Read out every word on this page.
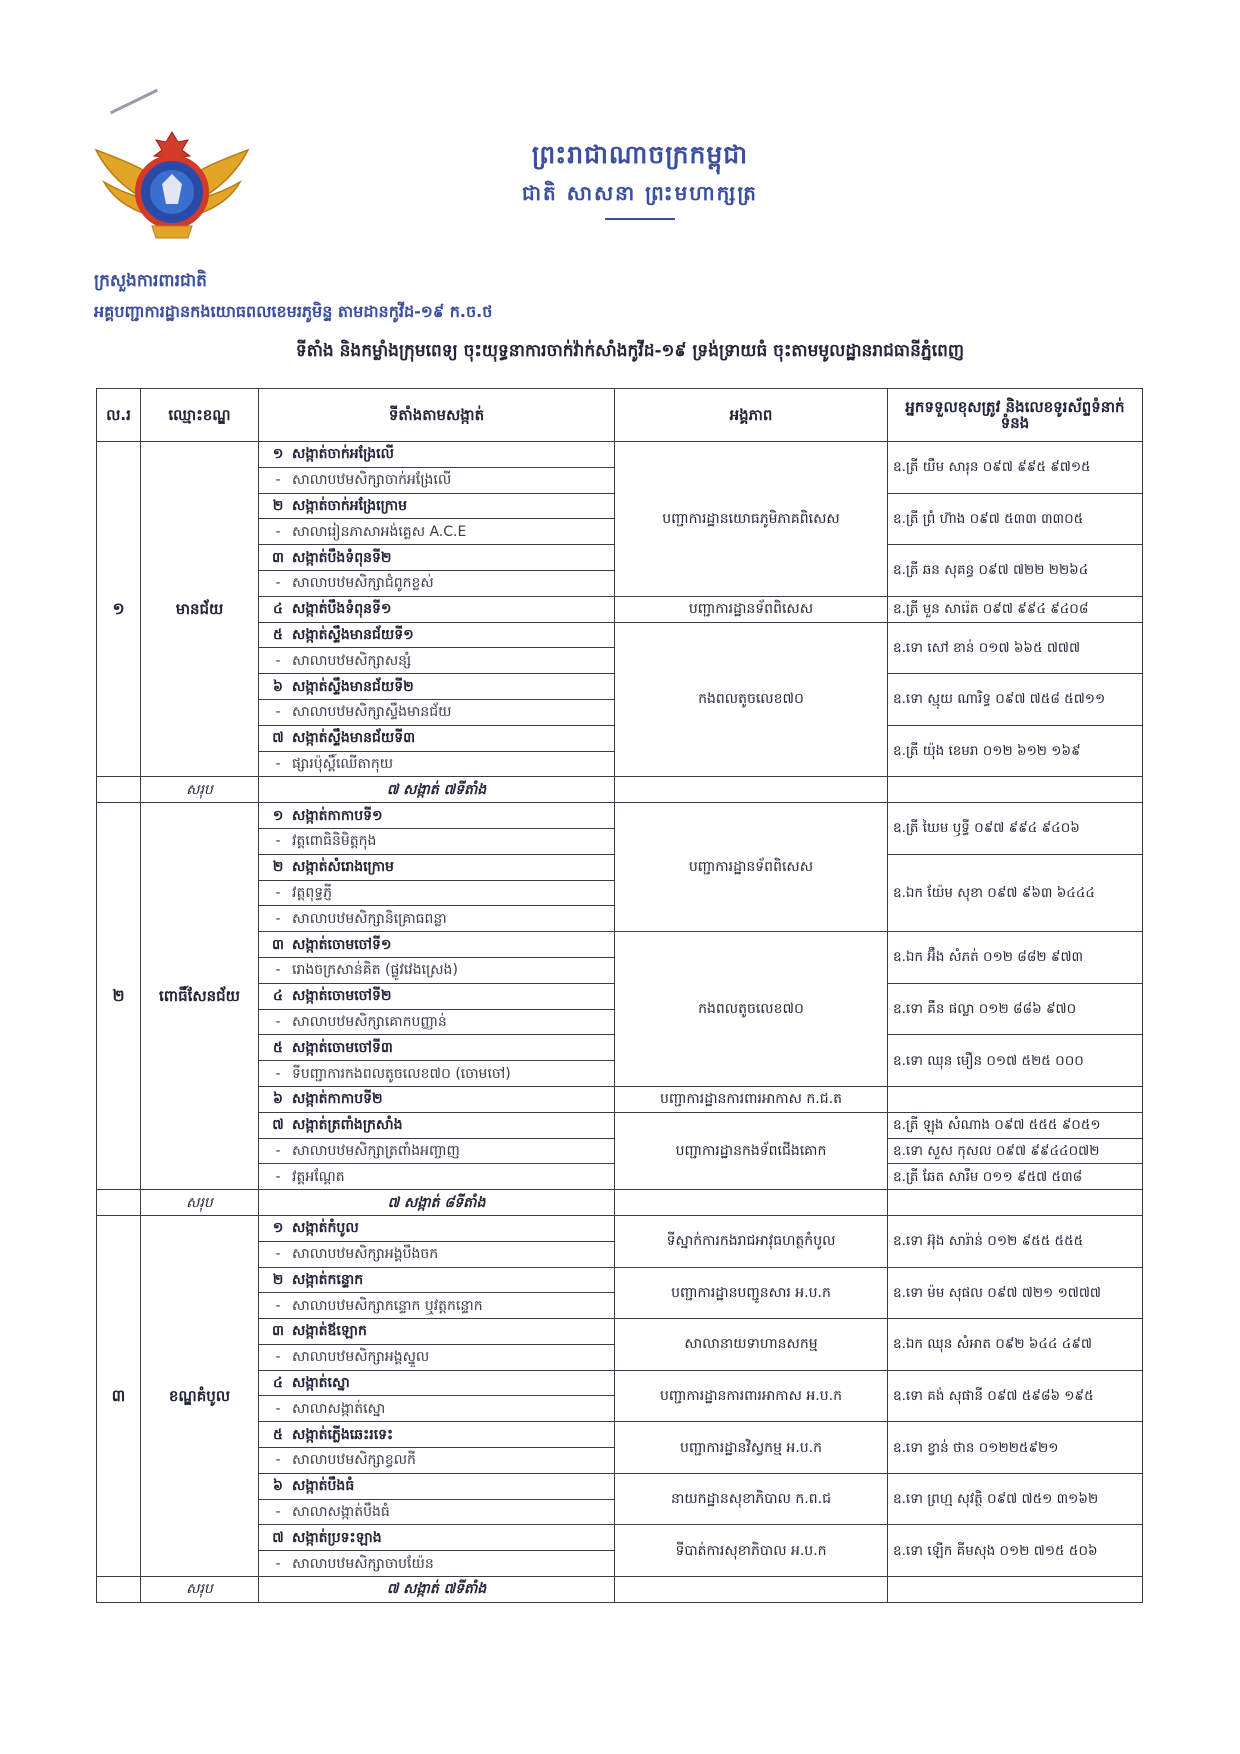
ព្រះរាជាណាចក្រកម្ពុជា
ជាតិ សាសនា ព្រះមហាក្សត្រ
ក្រសួងការពារជាតិ
អគ្គបញ្ជាការដ្ឋានកងយោធពលខេមរភូមិន្ទ តាមដានកូវីដ-១៩ ក.ច.ថ
ទីតាំង និងកម្លាំងក្រុមពេទ្យ ចុះយុទ្ធនាការចាក់វ៉ាក់សាំងកូវីដ-១៩ ទ្រង់ទ្រាយធំ ចុះតាមមូលដ្ឋានរាជធានីភ្នំពេញ
ល.រ	ឈ្មោះខណ្ឌ	ទីតាំងតាមសង្កាត់	អង្គភាព	អ្នកទទួលខុសត្រូវ និងលេខទូរស័ព្ទទំនាក់ទំនង
១	មានជ័យ	១ សង្កាត់ចាក់អង្រែលើ	បញ្ជាការដ្ឋានយោធភូមិភាគពិសេស	ឧ.ត្រី យឹម សារុន ០៩៧ ៩៩៥ ៩៧១៥
		- សាលាបឋមសិក្សាចាក់អង្រែលើ		
		២ សង្កាត់ចាក់អង្រែក្រោម		ឧ.ត្រី ព្រំ ហ៊ាង ០៩៧ ៥៣៣ ៣៣០៥
		- សាលារៀនភាសាអង់គ្លេស A.C.E		
		៣ សង្កាត់បឹងទំពុនទី២		ឧ.ត្រី ឆន សុគន្ធ ០៩៧ ៧២២ ២២៦៤
		- សាលាបឋមសិក្សាជំពូកខ្លស់		
		៤ សង្កាត់បឹងទំពុនទី១	បញ្ជាការដ្ឋានទ័ពពិសេស	ឧ.ត្រី មួន សារ៉េត ០៩៧ ៩៩៤ ៩៤០៨
		៥ សង្កាត់ស្ទឹងមានជ័យទី១	កងពលតូចលេខ៧០	ឧ.ទោ សៅ ខាន់ ០១៧ ៦៦៥ ៧៧៧
		- សាលាបឋមសិក្សាសន្សំ		
		៦ សង្កាត់ស្ទឹងមានជ័យទី២		ឧ.ទោ ស្មុយ ណារិទ្ធ ០៩៧ ៧៥៨ ៥៧១១
		- សាលាបឋមសិក្សាស្ទឹងមានជ័យ		
		៧ សង្កាត់ស្ទឹងមានជ័យទី៣		ឧ.ត្រី យ៉ុង ខេមរា ០១២ ៦១២ ១៦៩
		- ផ្សារប៉ុស្តិ៍ឈើតាកុយ		
	សរុប	៧ សង្កាត់ ៧ទីតាំង		
២	ពោធិ៍សែនជ័យ	១ សង្កាត់កាកាបទី១	បញ្ជាការដ្ឋានទ័ពពិសេស	ឧ.ត្រី ឃៃម ឫទ្ធី ០៩៧ ៩៩៤ ៩៤០៦
		- វត្តពោធិនិមិត្តកុង		
		២ សង្កាត់សំរោងក្រោម		ឧ.ឯក យ៉ែម សុខា ០៩៧ ៩៦៣ ៦៤៤៤
		- វត្តពុទ្ធភ្ញី		
		- សាលាបឋមសិក្សានិគ្រោធពន្លា		
		៣ សង្កាត់ចោមចៅទី១	កងពលតូចលេខ៧០	ឧ.ឯក អ៊ឹង សំភត់ ០១២ ៨៨២ ៩៧៣
		- រោងចក្រសាន់គិត (ផ្លូវវេងស្រេង)		
		៤ សង្កាត់ចោមចៅទី២		ឧ.ទោ គឹន ផល្លា ០១២ ៨៨៦ ៩៧០
		- សាលាបឋមសិក្សាគោកបញ្ញាន់		
		៥ សង្កាត់ចោមចៅទី៣		ឧ.ទោ ឈុន មឿន ០១៧ ៥២៥ ០០០
		- ទីបញ្ជាការកងពលតូចលេខ៧០ (ចោមចៅ)		
		៦ សង្កាត់កាកាបទី២	បញ្ជាការដ្ឋានការពារអាកាស ក.ជ.ត	
		៧ សង្កាត់ត្រពាំងក្រសាំង	បញ្ជាការដ្ឋានកងទ័ពជើងគោក	ឧ.ត្រី ឡុង សំណាង ០៩៧ ៥៥៥ ៩០៥១
		- សាលាបឋមសិក្សាត្រពាំងអញ្ចាញ		ឧ.ទោ សួស កុសល ០៩៧ ៩៩៤៤០៧២
		- វត្តអណ្តែត		ឧ.ត្រី ឆែត សារឹម ០១១ ៩៥៧ ៥៣៨
	សរុប	៧ សង្កាត់ ៨ទីតាំង		
៣	ខណ្ឌគំបូល	១ សង្កាត់កំបូល	ទីស្នាក់ការកងរាជអាវុធហត្ថកំបូល	ឧ.ទោ អ៊ុង សារ៉ាន់ ០១២ ៩៥៥ ៥៥៥
		- សាលាបឋមសិក្សាអង្គបឹងចក		
		២ សង្កាត់កន្ទោក	បញ្ជាការដ្ឋានបញ្ជូនសារ អ.ប.ក	ឧ.ទោ ម៉ម សុផល ០៩៧ ៧២១ ១៧៧៧
		- សាលាបឋមសិក្សាកន្ទោក ឬវត្តកន្ទោក		
		៣ សង្កាត់ឪឡោក	សាលានាយទាហានសកម្ម	ឧ.ឯក ឈុន សំអាត ០៩២ ៦៤៤ ៤៩៧
		- សាលាបឋមសិក្សាអង្គស្នួល		
		៤ សង្កាត់ស្នោ	បញ្ជាការដ្ឋានការពារអាកាស អ.ប.ក	ឧ.ទោ គង់ សុផានី ០៩៧ ៥៩៨៦ ១៩៥
		- សាលាសង្កាត់ស្នោ		
		៥ សង្កាត់ភ្លើងឆេះរទេះ	បញ្ជាការដ្ឋានវិស្វកម្ម អ.ប.ក	ឧ.ទោ ខ្វាន់ ថាន ០១២២៥៩២១
		- សាលាបឋមសិក្សាខ្វលកី		
		៦ សង្កាត់បឹងធំ	នាយកដ្ឋានសុខាភិបាល ក.ព.ជ	ឧ.ទោ ព្រហ្ម សុវត្ថិ ០៩៧ ៧៥១ ៣១៦២
		- សាលាសង្កាត់បឹងធំ		
		៧ សង្កាត់ប្រទះឡាង	ទីបាត់ការសុខាភិបាល អ.ប.ក	ឧ.ទោ ឡើក គីមសុង ០១២ ៧១៥ ៥០៦
		- សាលាបឋមសិក្សាចាបយ៉ែន		
	សរុប	៧ សង្កាត់ ៧ទីតាំង		
